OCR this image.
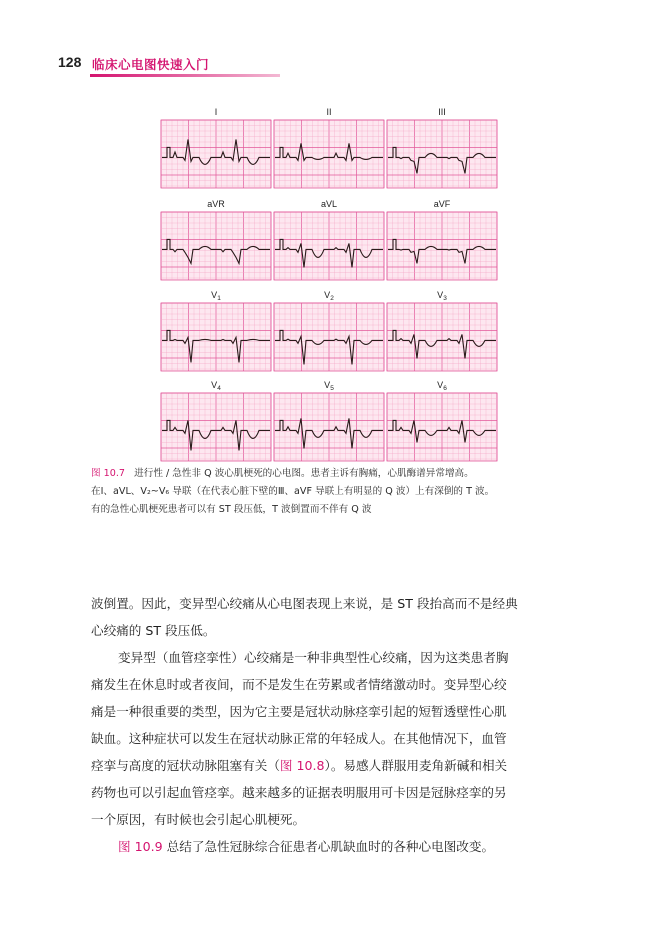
128 临床心电图快速入门
I	II	III
aVR	aVL	aVF
$V_1$	$V_2$	$V_3$
$V_4$	$V_5$	$V_6$
图 10.7 进行性 / 急性非 Q 波心肌梗死的心电图。患者主诉有胸痛，心肌酶谱异常增高。
在Ⅰ、aVL、V₂~V₆ 导联（在代表心脏下壁的Ⅲ、aVF 导联上有明显的 Q 波）上有深倒的 T 波。
有的急性心肌梗死患者可以有 ST 段压低，T 波倒置而不伴有 Q 波
波倒置。因此，变异型心绞痛从心电图表现上来说，是 ST 段抬高而不是经典
心绞痛的 ST 段压低。
变异型（血管痉挛性）心绞痛是一种非典型性心绞痛，因为这类患者胸
痛发生在休息时或者夜间，而不是发生在劳累或者情绪激动时。变异型心绞
痛是一种很重要的类型，因为它主要是冠状动脉痉挛引起的短暂透壁性心肌
缺血。这种症状可以发生在冠状动脉正常的年轻成人。在其他情况下，血管
痉挛与高度的冠状动脉阻塞有关（图 10.8）。易感人群服用麦角新碱和相关
药物也可以引起血管痉挛。越来越多的证据表明服用可卡因是冠脉痉挛的另
一个原因，有时候也会引起心肌梗死。
图 10.9 总结了急性冠脉综合征患者心肌缺血时的各种心电图改变。
